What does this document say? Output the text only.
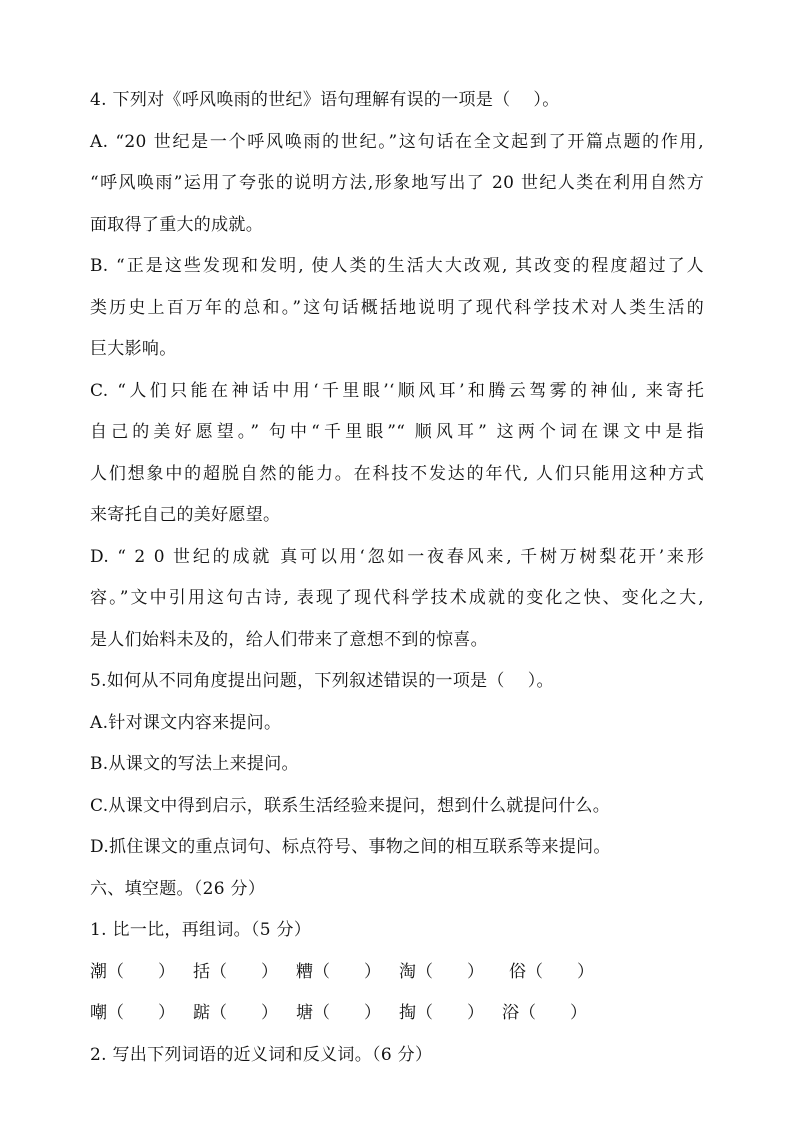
4. 下列对《呼风唤雨的世纪》语句理解有误的一项是（　 ）。
A. “20 世纪是一个呼风唤雨的世纪。”这句话在全文起到了开篇点题的作用,
“呼风唤雨”运用了夸张的说明方法,形象地写出了 20 世纪人类在利用自然方
面取得了重大的成就。
B. “正是这些发现和发明, 使人类的生活大大改观, 其改变的程度超过了人
类历史上百万年的总和。”这句话概括地说明了现代科学技术对人类生活的
巨大影响。
C. “人们只能在神话中用‘千里眼’‘顺风耳’和腾云驾雾的神仙, 来寄托
自己的美好愿望。” 句中“千里眼”“ 顺风耳” 这两个词在课文中是指
人们想象中的超脱自然的能力。在科技不发达的年代, 人们只能用这种方式
来寄托自己的美好愿望。
D. “ 2 0 世纪的成就 真可以用‘忽如一夜春风来, 千树万树梨花开’来形
容。”文中引用这句古诗, 表现了现代科学技术成就的变化之快、变化之大,
是人们始料未及的，给人们带来了意想不到的惊喜。
5.如何从不同角度提出问题，下列叙述错误的一项是（　 ）。
A.针对课文内容来提问。
B.从课文的写法上来提问。
C.从课文中得到启示，联系生活经验来提问，想到什么就提问什么。
D.抓住课文的重点词句、标点符号、事物之间的相互联系等来提问。
六、填空题。（26 分）
1. 比一比，再组词。（5 分）
潮（　　）	括（　　）	糟（　　）	淘（　　）	俗（　　）
嘲（　　）	踮（　　）	塘（　　）	掏（　　）	浴（　　）
2. 写出下列词语的近义词和反义词。（6 分）
